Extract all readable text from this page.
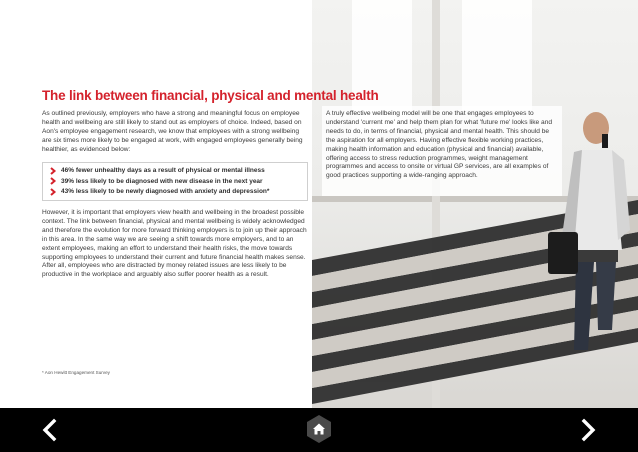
The link between financial, physical and mental health

As outlined previously, employers who have a strong and meaningful focus on employee health and wellbeing are still likely to stand out as employers of choice. Indeed, based on Aon's employee engagement research, we know that employees with a strong wellbeing are six times more likely to be engaged at work, with engaged employees generally being healthier, as evidenced below:

46% fewer unhealthy days as a result of physical or mental illness
39% less likely to be diagnosed with new disease in the next year
43% less likely to be newly diagnosed with anxiety and depression*

However, it is important that employers view health and wellbeing in the broadest possible context. The link between financial, physical and mental wellbeing is widely acknowledged and therefore the evolution for more forward thinking employers is to join up their approach in this area. In the same way we are seeing a shift towards more employers, and to an extent employees, making an effort to understand their health risks, the move towards supporting employees to understand their current and future financial health makes sense. After all, employees who are distracted by money related issues are less likely to be productive in the workplace and arguably also suffer poorer health as a result.

A truly effective wellbeing model will be one that engages employees to understand 'current me' and help them plan for what 'future me' looks like and needs to do, in terms of financial, physical and mental health. This should be the aspiration for all employers. Having effective flexible working practices, making health information and education (physical and financial) available, offering access to stress reduction programmes, weight management programmes and access to onsite or virtual GP services, are all examples of good practices supporting a wide-ranging approach.

* Aon Hewitt Engagement Survey
